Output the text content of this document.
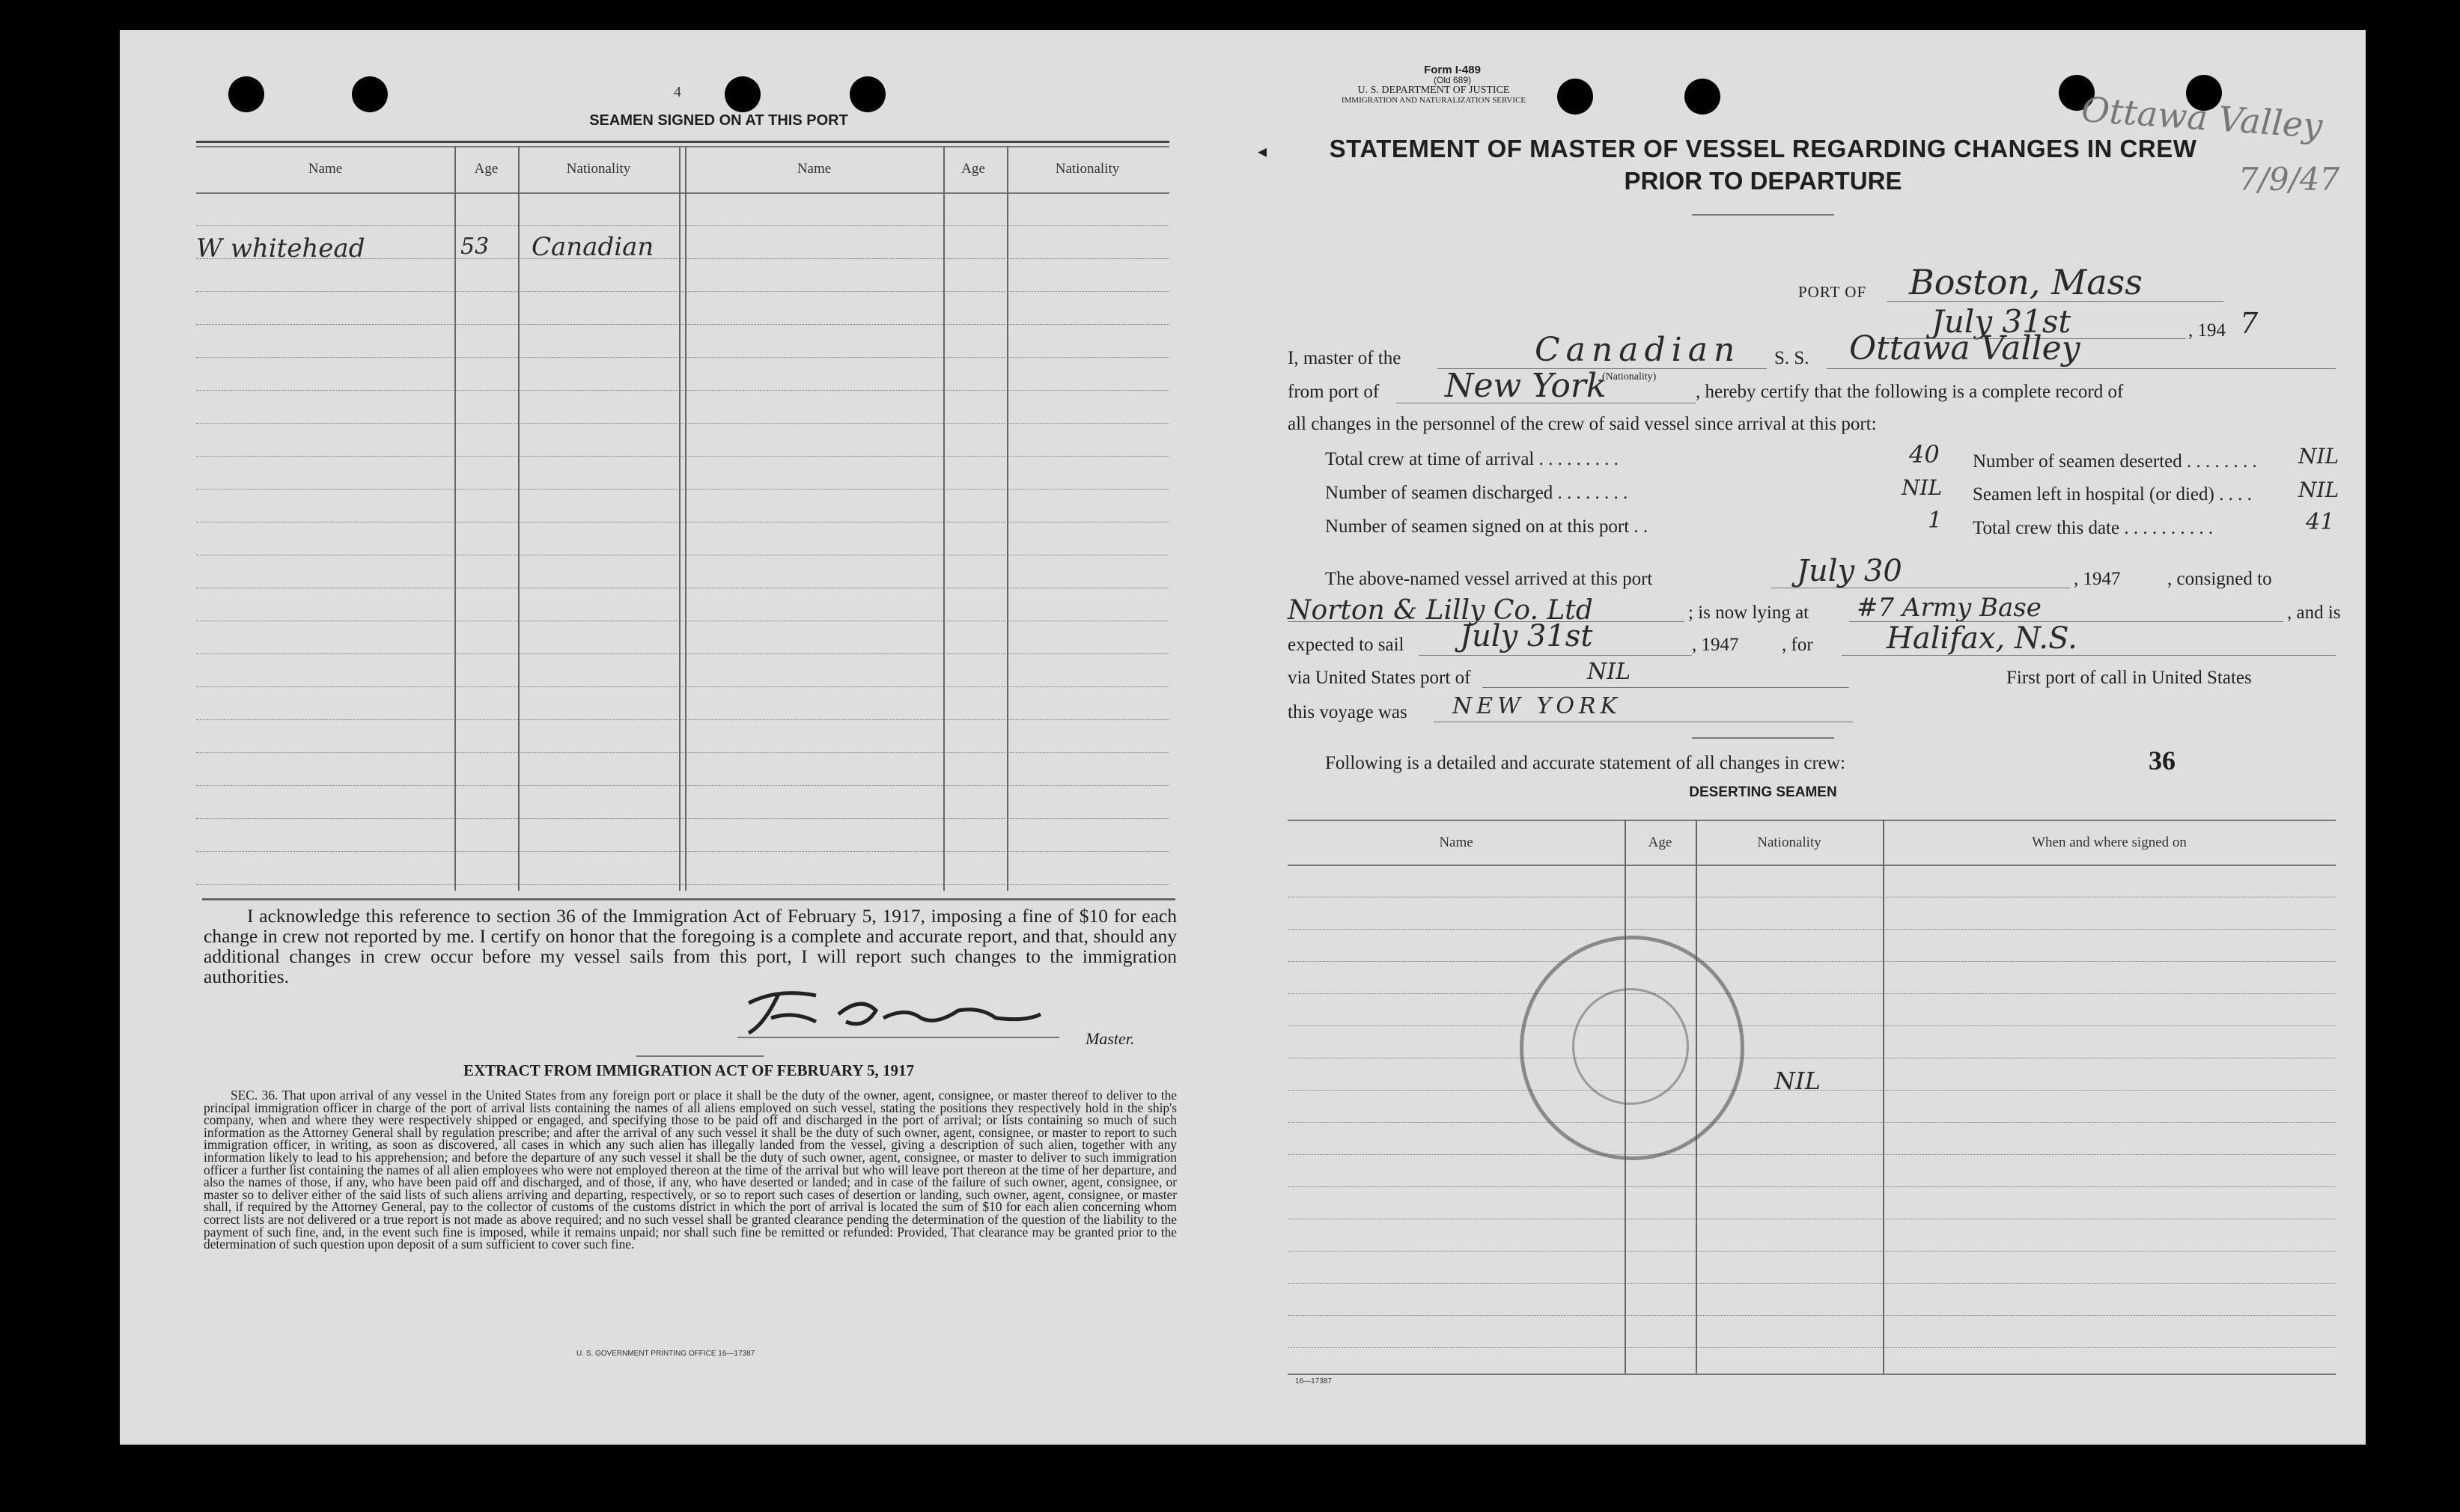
4
SEAMEN SIGNED ON AT THIS PORT
Name	Age	Nationality	Name	Age	Nationality
W whitehead	53 Canadian
I acknowledge this reference to section 36 of the Immigration Act of February 5, 1917, imposing a fine of $10 for each change in crew not reported by me. I certify on honor that the foregoing is a complete and accurate report, and that, should any additional changes in crew occur before my vessel sails from this port, I will report such changes to the immigration authorities.
Master.
EXTRACT FROM IMMIGRATION ACT OF FEBRUARY 5, 1917
SEC. 36. That upon arrival of any vessel in the United States from any foreign port or place it shall be the duty of the owner, agent, consignee, or master thereof to deliver to the principal immigration officer in charge of the port of arrival lists containing the names of all aliens employed on such vessel, stating the positions they respectively hold in the ship's company, when and where they were respectively shipped or engaged, and specifying those to be paid off and discharged in the port of arrival; or lists containing so much of such information as the Attorney General shall by regulation prescribe; and after the arrival of any such vessel it shall be the duty of such owner, agent, consignee, or master to report to such immigration officer, in writing, as soon as discovered, all cases in which any such alien has illegally landed from the vessel, giving a description of such alien, together with any information likely to lead to his apprehension; and before the departure of any such vessel it shall be the duty of such owner, agent, consignee, or master to deliver to such immigration officer a further list containing the names of all alien employees who were not employed thereon at the time of the arrival but who will leave port thereon at the time of her departure, and also the names of those, if any, who have been paid off and discharged, and of those, if any, who have deserted or landed; and in case of the failure of such owner, agent, consignee, or master so to deliver either of the said lists of such aliens arriving and departing, respectively, or so to report such cases of desertion or landing, such owner, agent, consignee, or master shall, if required by the Attorney General, pay to the collector of customs of the customs district in which the port of arrival is located the sum of $10 for each alien concerning whom correct lists are not delivered or a true report is not made as above required; and no such vessel shall be granted clearance pending the determination of the question of the liability to the payment of such fine, and, in the event such fine is imposed, while it remains unpaid; nor shall such fine be remitted or refunded: Provided, That clearance may be granted prior to the determination of such question upon deposit of a sum sufficient to cover such fine.
U. S. GOVERNMENT PRINTING OFFICE 16—17387
Form I-489
(Old 689)
U. S. DEPARTMENT OF JUSTICE
IMMIGRATION AND NATURALIZATION SERVICE	Ottawa Valley
7/9/47
◂	STATEMENT OF MASTER OF VESSEL REGARDING CHANGES IN CREW
PRIOR TO DEPARTURE
PORT OF Boston, Mass
July 31st	, 194 7
I, master of the	Canadian
(Nationality)
S. S. Ottawa Valley
from port of New York	, hereby certify that the following is a complete record of
all changes in the personnel of the crew of said vessel since arrival at this port:
Total crew at time of arrival . . . . . . . . .	40 Number of seamen deserted . . . . . . . . NIL
Number of seamen discharged . . . . . . . .	NIL Seamen left in hospital (or died) . . . . NIL
Number of seamen signed on at this port . .	1 Total crew this date . . . . . . . . . .	41
The above-named vessel arrived at this port	July 30	, 1947	, consigned to
Norton & Lilly Co. Ltd	; is now lying at #7 Army Base	, and is
expected to sail July 31st	, 1947 , for Halifax, N.S.
via United States port of	NIL	First port of call in United States
this voyage was NEW YORK
Following is a detailed and accurate statement of all changes in crew:	36
DESERTING SEAMEN
Name	Age	Nationality	When and where signed on
NIL
16—17387
